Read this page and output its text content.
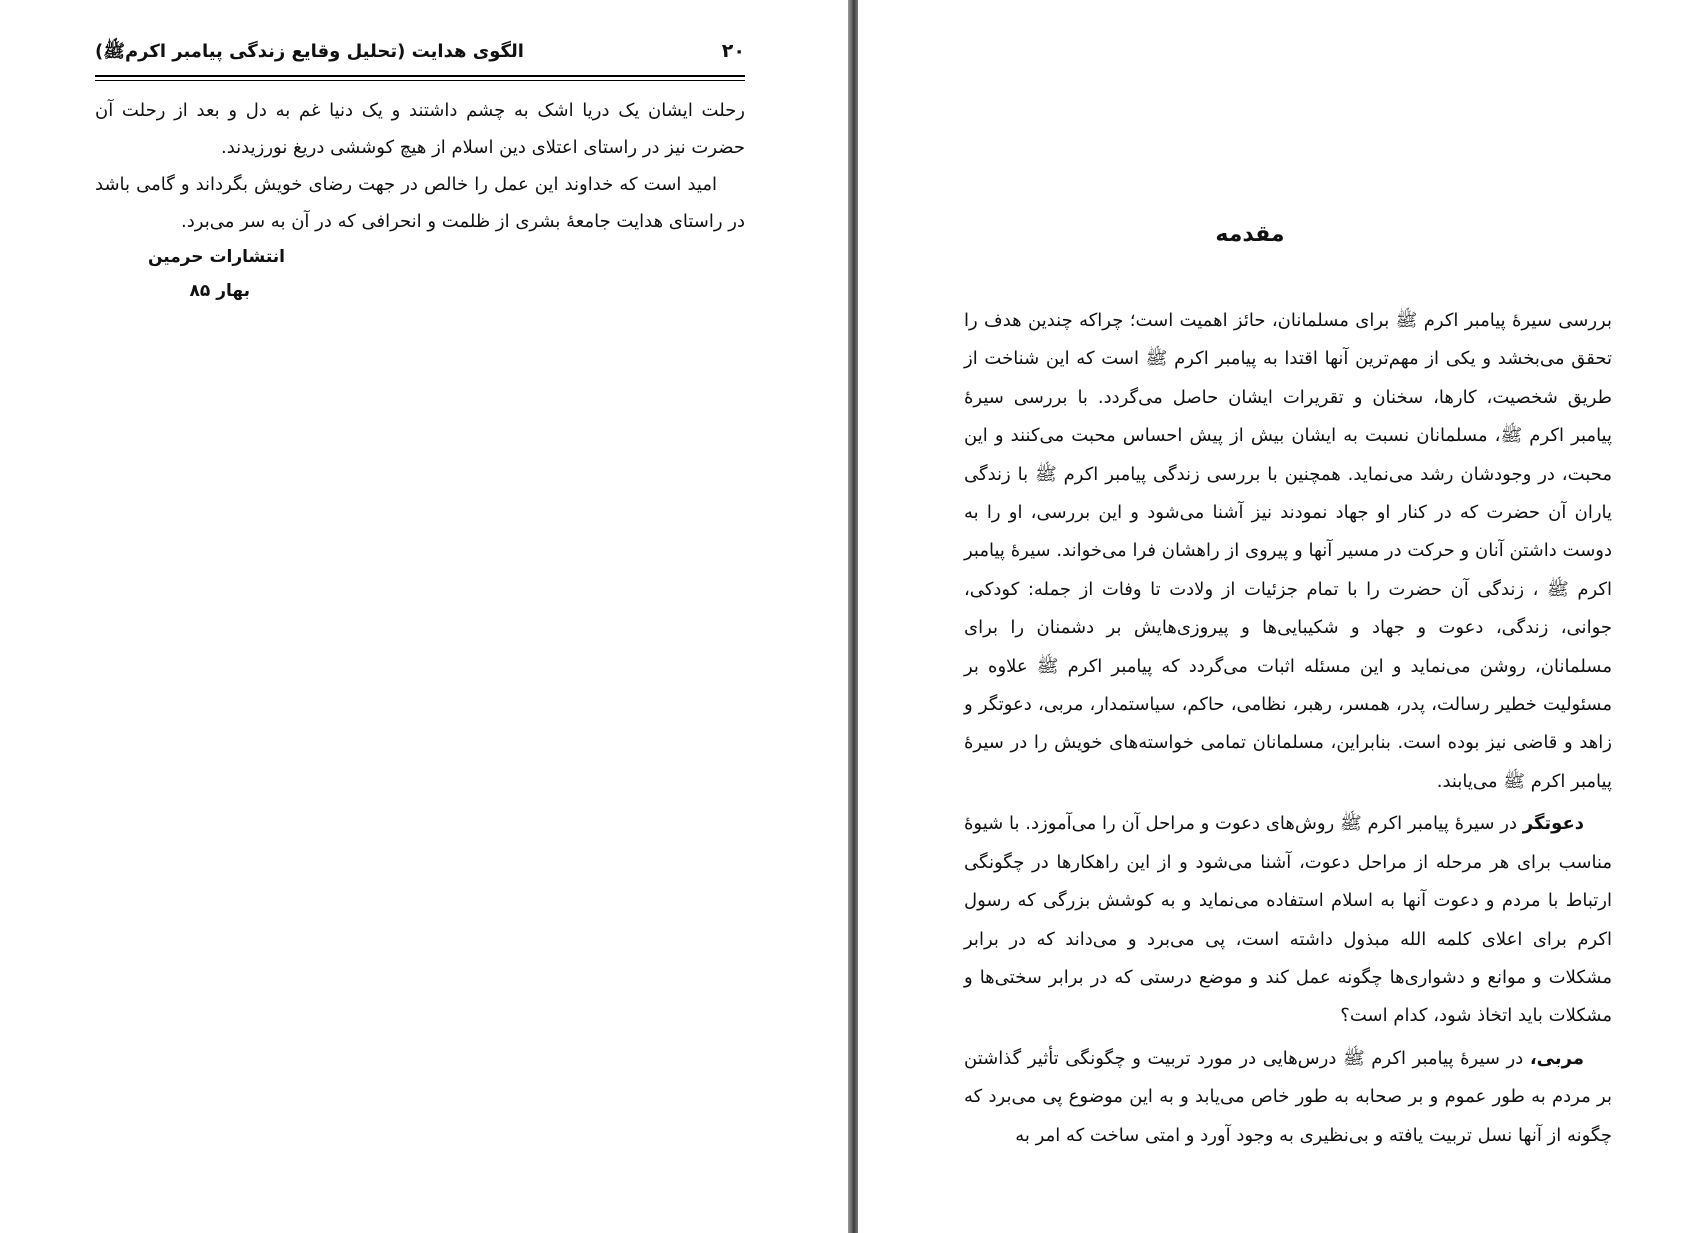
۲۰
الگوی هدایت (تحلیل وقایع زندگی پیامبر اکرمﷺ)

رحلت ایشان یک دریا اشک به چشم داشتند و یک دنیا غم به دل و بعد از رحلت آن حضرت نیز در راستای اعتلای دین اسلام از هیچ کوششی دریغ نورزیدند.

امید است که خداوند این عمل را خالص در جهت رضای خویش بگرداند و گامی باشد در راستای هدایت جامعۀ بشری از ظلمت و انحرافی که در آن به سر می‌برد.

انتشارات حرمین
بهار ۸۵
مقدمه

بررسی سیرۀ پیامبر اکرم ﷺ برای مسلمانان، حائز اهمیت است؛ چراکه چندین هدف را تحقق می‌بخشد و یکی از مهم‌ترین آنها اقتدا به پیامبر اکرم ﷺ است که این شناخت از طریق شخصیت، کارها، سخنان و تقریرات ایشان حاصل می‌گردد. با بررسی سیرۀ پیامبر اکرم ﷺ، مسلمانان نسبت به ایشان بیش از پیش احساس محبت می‌کنند و این محبت، در وجودشان رشد می‌نماید. همچنین با بررسی زندگی پیامبر اکرم ﷺ با زندگی یاران آن حضرت که در کنار او جهاد نمودند نیز آشنا می‌شود و این بررسی، او را به دوست داشتن آنان و حرکت در مسیر آنها و پیروی از راهشان فرا می‌خواند. سیرۀ پیامبر اکرم ﷺ ، زندگی آن حضرت را با تمام جزئیات از ولادت تا وفات از جمله: کودکی، جوانی، زندگی، دعوت و جهاد و شکیبایی‌ها و پیروزی‌هایش بر دشمنان را برای مسلمانان، روشن می‌نماید و این مسئله اثبات می‌گردد که پیامبر اکرم ﷺ علاوه بر مسئولیت خطیر رسالت، پدر، همسر، رهبر، نظامی، حاکم، سیاستمدار، مربی، دعوتگر و زاهد و قاضی نیز بوده است. بنابراین، مسلمانان تمامی خواسته‌های خویش را در سیرۀ پیامبر اکرم ﷺ می‌یابند.

دعوتگر در سیرۀ پیامبر اکرم ﷺ روش‌های دعوت و مراحل آن را می‌آموزد. با شیوۀ مناسب برای هر مرحله از مراحل دعوت، آشنا می‌شود و از این راهکارها در چگونگی ارتباط با مردم و دعوت آنها به اسلام استفاده می‌نماید و به کوشش بزرگی که رسول اکرم برای اعلای کلمه الله مبذول داشته است، پی می‌برد و می‌داند که در برابر مشکلات و موانع و دشواری‌ها چگونه عمل کند و موضع درستی که در برابر سختی‌ها و مشکلات باید اتخاذ شود، کدام است؟

مربی، در سیرۀ پیامبر اکرم ﷺ درس‌هایی در مورد تربیت و چگونگی تأثیر گذاشتن بر مردم به طور عموم و بر صحابه به طور خاص می‌یابد و به این موضوع پی می‌برد که چگونه از آنها نسل تربیت یافته و بی‌نظیری به وجود آورد و امتی ساخت که امر به
